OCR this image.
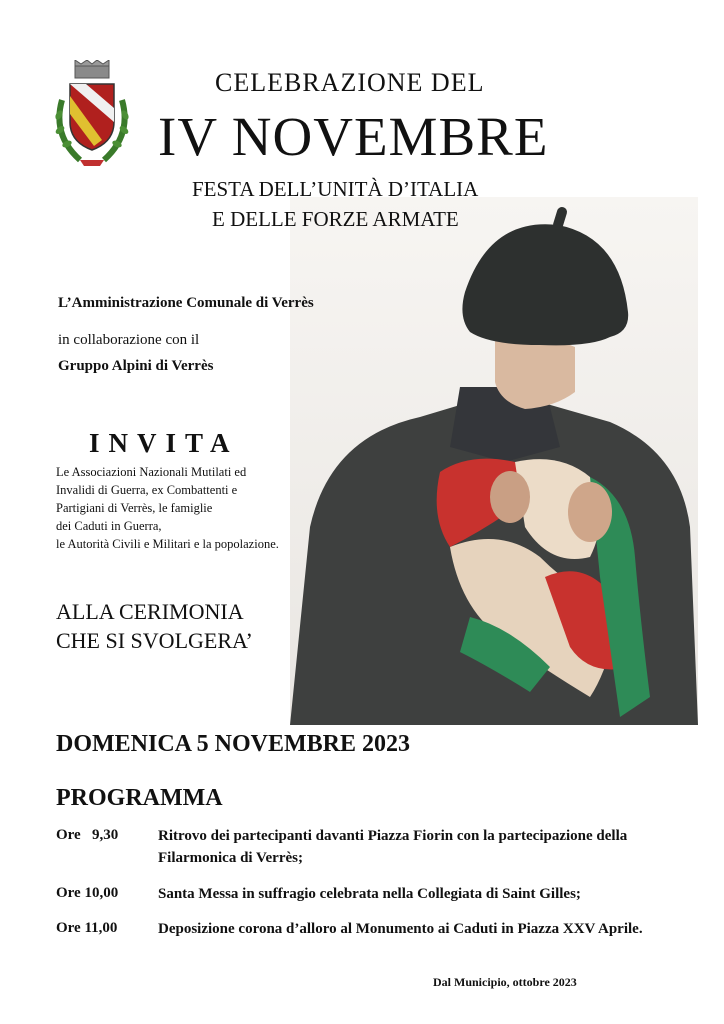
CELEBRAZIONE DEL
IV NOVEMBRE
FESTA DELL’UNITÀ D’ITALIA
E DELLE FORZE ARMATE
L’Amministrazione Comunale di Verrès
in collaborazione con il
Gruppo Alpini di Verrès
INVITA
Le Associazioni Nazionali Mutilati ed
Invalidi di Guerra, ex Combattenti e
Partigiani di Verrès, le famiglie
dei Caduti in Guerra,
le Autorità Civili e Militari e la popolazione.
ALLA CERIMONIA
CHE SI SVOLGERA’
DOMENICA 5 NOVEMBRE 2023
PROGRAMMA
Ore   9,30	Ritrovo dei partecipanti davanti Piazza Fiorin con la partecipazione della Filarmonica di Verrès;
Ore 10,00	Santa Messa in suffragio celebrata nella Collegiata di Saint Gilles;
Ore 11,00	Deposizione corona d’alloro al Monumento ai Caduti in Piazza XXV Aprile.
Dal Municipio, ottobre 2023
